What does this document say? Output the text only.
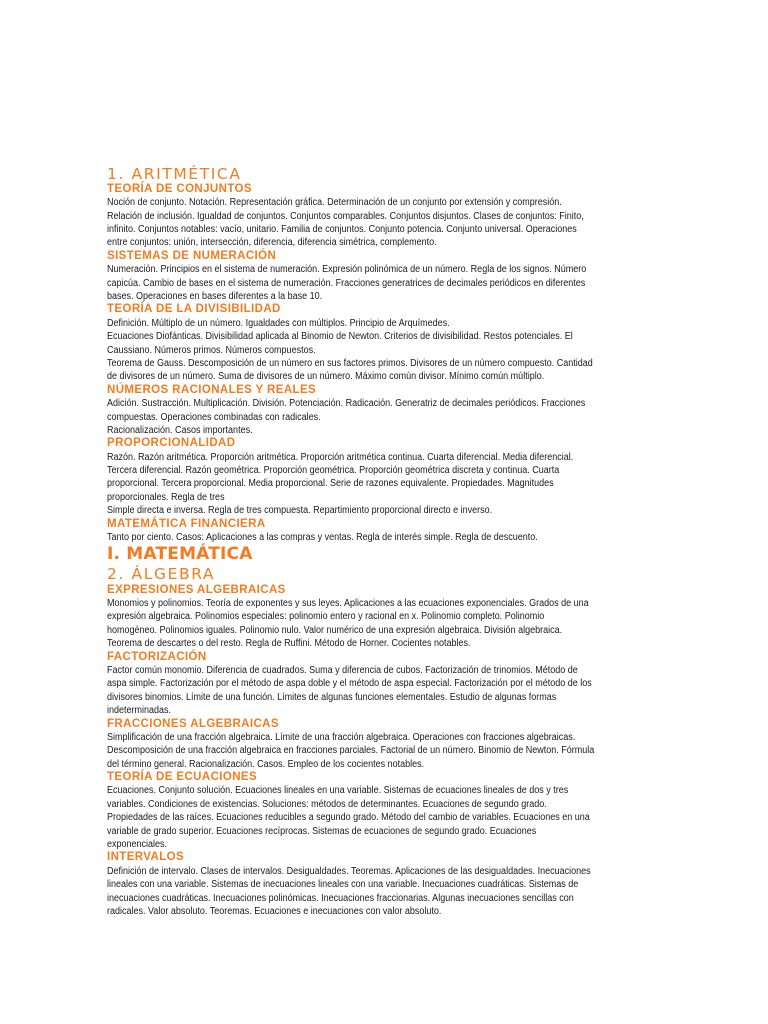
1. ARITMÉTICA
TEORÍA DE CONJUNTOS
Noción de conjunto. Notación. Representación gráfica. Determinación de un conjunto por extensión y compresión.
Relación de inclusión. Igualdad de conjuntos. Conjuntos comparables. Conjuntos disjuntos. Clases de conjuntos: Finito,
infinito. Conjuntos notables: vacío, unitario. Familia de conjuntos. Conjunto potencia. Conjunto universal. Operaciones
entre conjuntos: unión, intersección, diferencia, diferencia simétrica, complemento.
SISTEMAS DE NUMERACIÓN
Numeración. Principios en el sistema de numeración. Expresión polinómica de un número. Regla de los signos. Número
capicúa. Cambio de bases en el sistema de numeración. Fracciones generatrices de decimales periódicos en diferentes
bases. Operaciones en bases diferentes a la base 10.
TEORÍA DE LA DIVISIBILIDAD
Definición. Múltiplo de un número. Igualdades con múltiplos. Principio de Arquímedes.
Ecuaciones Diofánticas. Divisibilidad aplicada al Binomio de Newton. Criterios de divisibilidad. Restos potenciales. El
Caussiano. Números primos. Números compuestos.
Teorema de Gauss. Descomposición de un número en sus factores primos. Divisores de un número compuesto. Cantidad
de divisores de un número. Suma de divisores de un número. Máximo común divisor. Mínimo común múltiplo.
NÚMEROS RACIONALES Y REALES
Adición. Sustracción. Multiplicación. División. Potenciación. Radicación. Generatriz de decimales periódicos. Fracciones
compuestas. Operaciones combinadas con radicales.
Racionalización. Casos importantes.
PROPORCIONALIDAD
Razón. Razón aritmética. Proporción aritmética. Proporción aritmética continua. Cuarta diferencial. Media diferencial.
Tercera diferencial. Razón geométrica. Proporción geométrica. Proporción geométrica discreta y continua. Cuarta
proporcional. Tercera proporcional. Media proporcional. Serie de razones equivalente. Propiedades. Magnitudes
proporcionales. Regla de tres
Simple directa e inversa. Regla de tres compuesta. Repartimiento proporcional directo e inverso.
MATEMÁTICA FINANCIERA
Tanto por ciento. Casos: Aplicaciones a las compras y ventas. Regla de interés simple. Regla de descuento.
I. MATEMÁTICA
2. ÁLGEBRA
EXPRESIONES ALGEBRAICAS
Monomios y polinomios. Teoría de exponentes y sus leyes. Aplicaciones a las ecuaciones exponenciales. Grados de una
expresión algebraica. Polinomios especiales: polinomio entero y racional en x. Polinomio completo. Polinomio
homogéneo. Polinomios iguales. Polinomio nulo. Valor numérico de una expresión algebraica. División algebraica.
Teorema de descartes o del resto. Regla de Ruffini. Método de Horner. Cocientes notables.
FACTORIZACIÓN
Factor común monomio. Diferencia de cuadrados. Suma y diferencia de cubos. Factorización de trinomios. Método de
aspa simple. Factorización por el método de aspa doble y el método de aspa especial. Factorización por el método de los
divisores binomios. Límite de una función. Límites de algunas funciones elementales. Estudio de algunas formas
indeterminadas.
FRACCIONES ALGEBRAICAS
Simplificación de una fracción algebraica. Límite de una fracción algebraica. Operaciones con fracciones algebraicas.
Descomposición de una fracción algebraica en fracciones parciales. Factorial de un número. Binomio de Newton. Fórmula
del término general. Racionalización. Casos. Empleo de los cocientes notables.
TEORÍA DE ECUACIONES
Ecuaciones. Conjunto solución. Ecuaciones lineales en una variable. Sistemas de ecuaciones lineales de dos y tres
variables. Condiciones de existencias. Soluciones: métodos de determinantes. Ecuaciones de segundo grado.
Propiedades de las raíces. Ecuaciones reducibles a segundo grado. Método del cambio de variables. Ecuaciones en una
variable de grado superior. Ecuaciones recíprocas. Sistemas de ecuaciones de segundo grado. Ecuaciones
exponenciales.
INTERVALOS
Definición de intervalo. Clases de intervalos. Desigualdades. Teoremas. Aplicaciones de las desigualdades. Inecuaciones
lineales con una variable. Sistemas de inecuaciones lineales con una variable. Inecuaciones cuadráticas. Sistemas de
inecuaciones cuadráticas. Inecuaciones polinómicas. Inecuaciones fraccionarias. Algunas inecuaciones sencillas con
radicales. Valor absoluto. Teoremas. Ecuaciones e inecuaciones con valor absoluto.
